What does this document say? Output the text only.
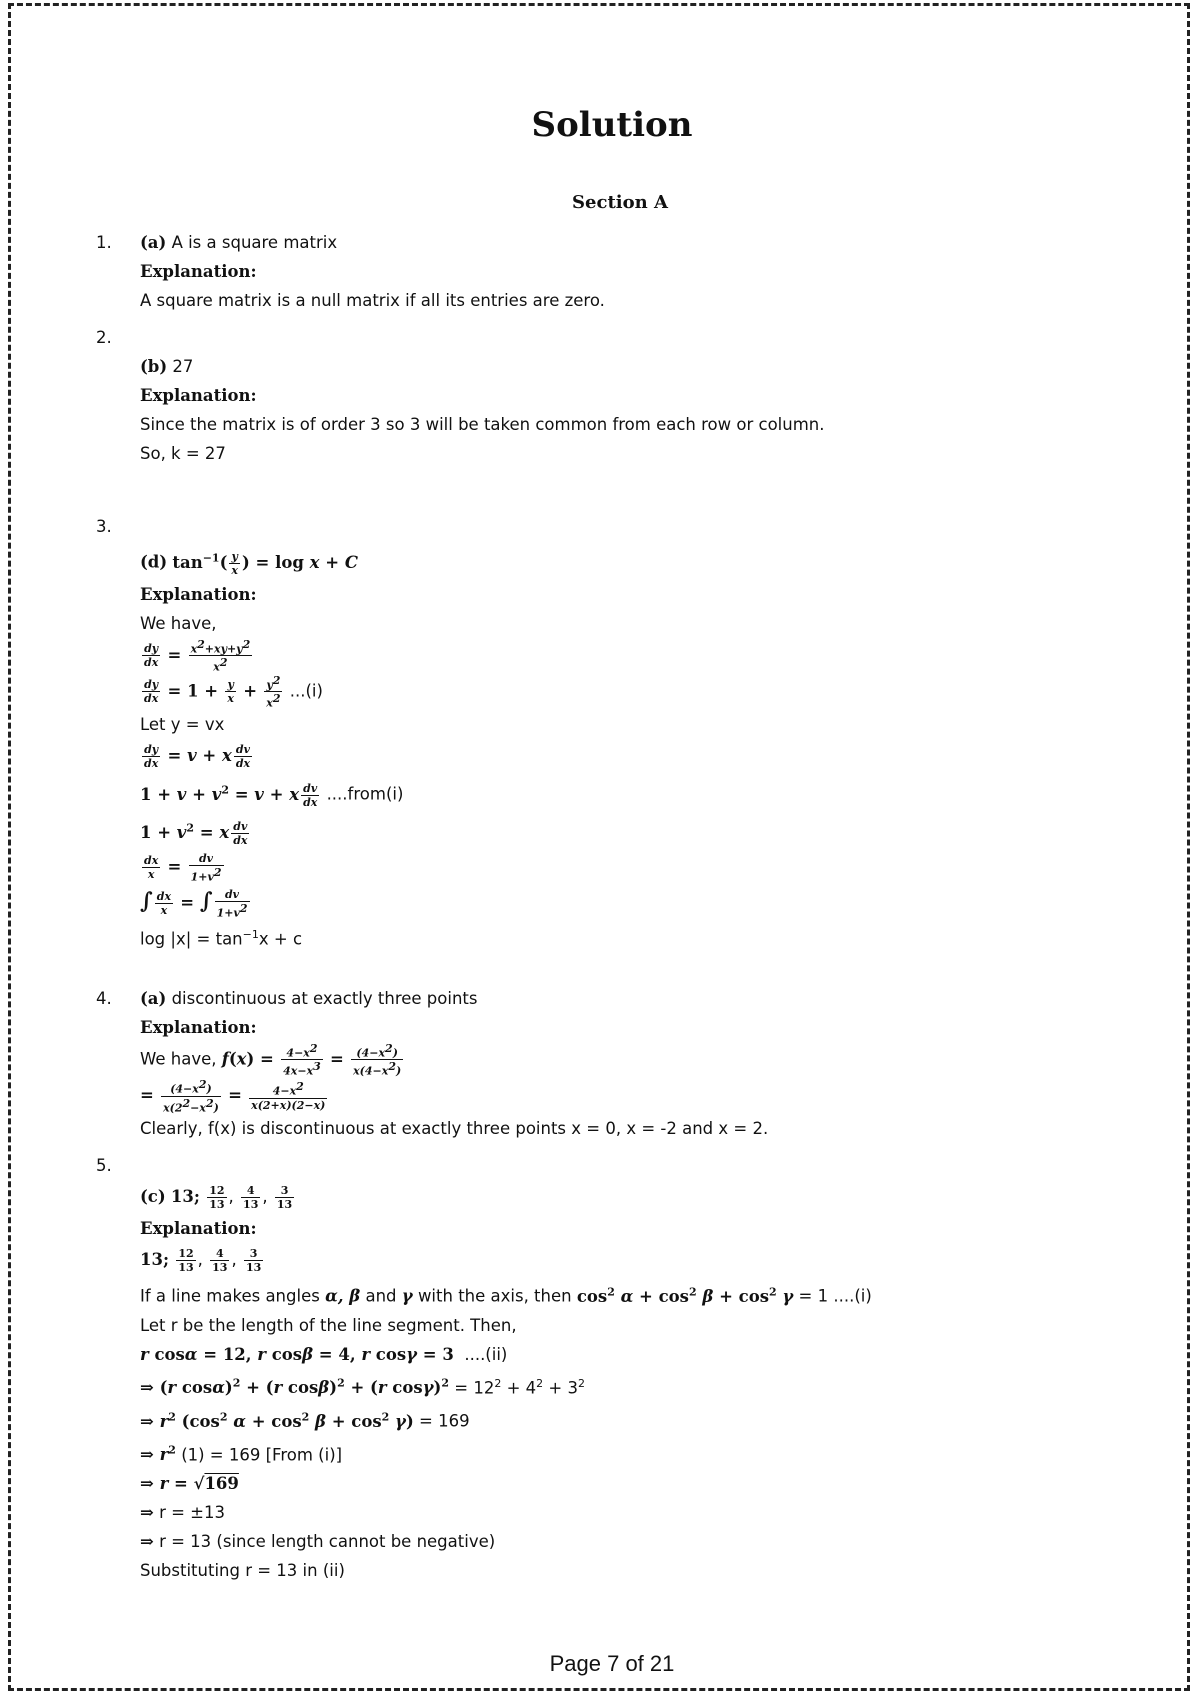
Solution
Section A
1. (a) A is a square matrix
Explanation:
A square matrix is a null matrix if all its entries are zero.
2.
(b) 27
Explanation:
Since the matrix is of order 3 so 3 will be taken common from each row or column.
So, k = 27
3.
(d) $\tan^{-1}( \frac{y}{x}$ ) = log x + C
Explanation:
We have,
$\frac{dy}{dx} = \frac{x^2+xy+y^2}{x^2}$
$\frac{dy}{dx} = 1 + \frac{y}{x} + \frac{y^2}{x^2} ...(i)$
Let y = vx
$\frac{dy}{dx} = v + x \frac{dv}{dx}$
$1 + v + v^2 = v + x \frac{dv}{dx}$ ....from(i)
$1 + v^2 = x \frac{dv}{dx}$
$\frac{dx}{x} = \frac{dv}{1+v^2}$
∫ $\frac{dx}{x}$ = ∫ $\frac{dv}{1+v^2}$
$\log |x| = \tan^{-1}x + c$
4. (a) discontinuous at exactly three points
Explanation:
We have, $f(x) = \frac{4-x^2}{4x-x^3} = \frac{(4-x^2)}{x(4-x^2)}$
= $\frac{(4-x^2)}{x(2^2-x^2)} = \frac{4-x^2}{x(2+x)(2-x)}$
Clearly, f(x) is discontinuous at exactly three points x = 0, x = -2 and x = 2.
5.
(c) 13; $\frac{12}{13}$ , $\frac{4}{13}$ , $\frac{3}{13}$
Explanation:
13; $\frac{12}{13}$ , $\frac{4}{13}$ , $\frac{3}{13}$
If a line makes angles α, β and γ with the axis, then $\cos^2 \alpha + \cos^2 \beta + \cos^2 \gamma = 1$ ....(i)
Let r be the length of the line segment. Then,
r cosα = 12, r cosβ = 4, r cosγ = 3 ....(ii)
⇒ (r cosα)$^2$ + (r cosβ)$^2$ + (r $\cos\gamma)^2 = 12^2 + 4^2 + 3^2$
⇒ $r^2$ ($\cos^2$ $\alpha + \cos^2 \beta + \cos^2 \gamma) = 169$
⇒ $r^2$ (1) = 169 [From (i)]
⇒ r = √169
⇒ r = ±13
⇒ r = 13 (since length cannot be negative)
Substituting r = 13 in (ii)
Page 7 of 21
